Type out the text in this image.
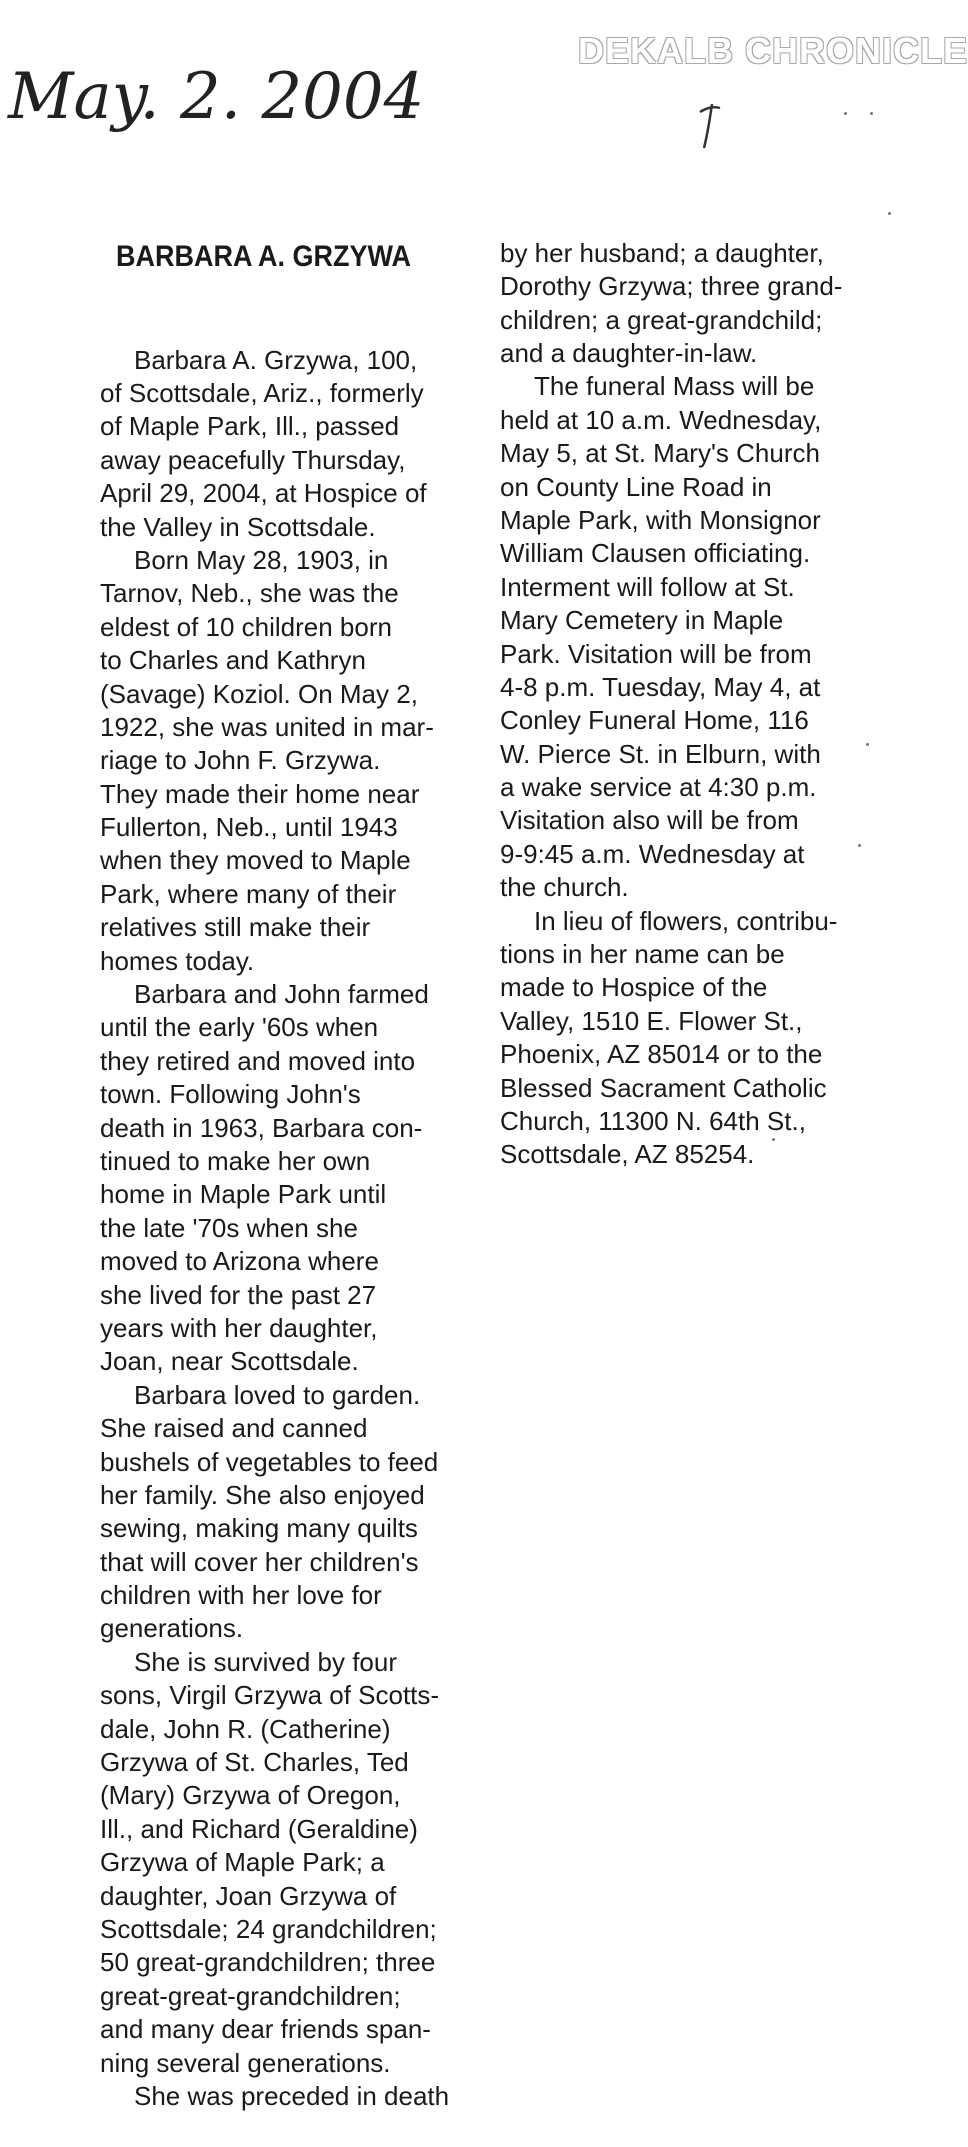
May. 2. 2004
DEKALB CHRONICLE

BARBARA A. GRZYWA

Barbara A. Grzywa, 100,
of Scottsdale, Ariz., formerly
of Maple Park, Ill., passed
away peacefully Thursday,
April 29, 2004, at Hospice of
the Valley in Scottsdale.
Born May 28, 1903, in
Tarnov, Neb., she was the
eldest of 10 children born
to Charles and Kathryn
(Savage) Koziol. On May 2,
1922, she was united in mar-
riage to John F. Grzywa.
They made their home near
Fullerton, Neb., until 1943
when they moved to Maple
Park, where many of their
relatives still make their
homes today.
Barbara and John farmed
until the early '60s when
they retired and moved into
town. Following John's
death in 1963, Barbara con-
tinued to make her own
home in Maple Park until
the late '70s when she
moved to Arizona where
she lived for the past 27
years with her daughter,
Joan, near Scottsdale.
Barbara loved to garden.
She raised and canned
bushels of vegetables to feed
her family. She also enjoyed
sewing, making many quilts
that will cover her children's
children with her love for
generations.
She is survived by four
sons, Virgil Grzywa of Scotts-
dale, John R. (Catherine)
Grzywa of St. Charles, Ted
(Mary) Grzywa of Oregon,
Ill., and Richard (Geraldine)
Grzywa of Maple Park; a
daughter, Joan Grzywa of
Scottsdale; 24 grandchildren;
50 great-grandchildren; three
great-great-grandchildren;
and many dear friends span-
ning several generations.
She was preceded in death

by her husband; a daughter,
Dorothy Grzywa; three grand-
children; a great-grandchild;
and a daughter-in-law.
The funeral Mass will be
held at 10 a.m. Wednesday,
May 5, at St. Mary's Church
on County Line Road in
Maple Park, with Monsignor
William Clausen officiating.
Interment will follow at St.
Mary Cemetery in Maple
Park. Visitation will be from
4-8 p.m. Tuesday, May 4, at
Conley Funeral Home, 116
W. Pierce St. in Elburn, with
a wake service at 4:30 p.m.
Visitation also will be from
9-9:45 a.m. Wednesday at
the church.
In lieu of flowers, contribu-
tions in her name can be
made to Hospice of the
Valley, 1510 E. Flower St.,
Phoenix, AZ 85014 or to the
Blessed Sacrament Catholic
Church, 11300 N. 64th St.,
Scottsdale, AZ 85254.
